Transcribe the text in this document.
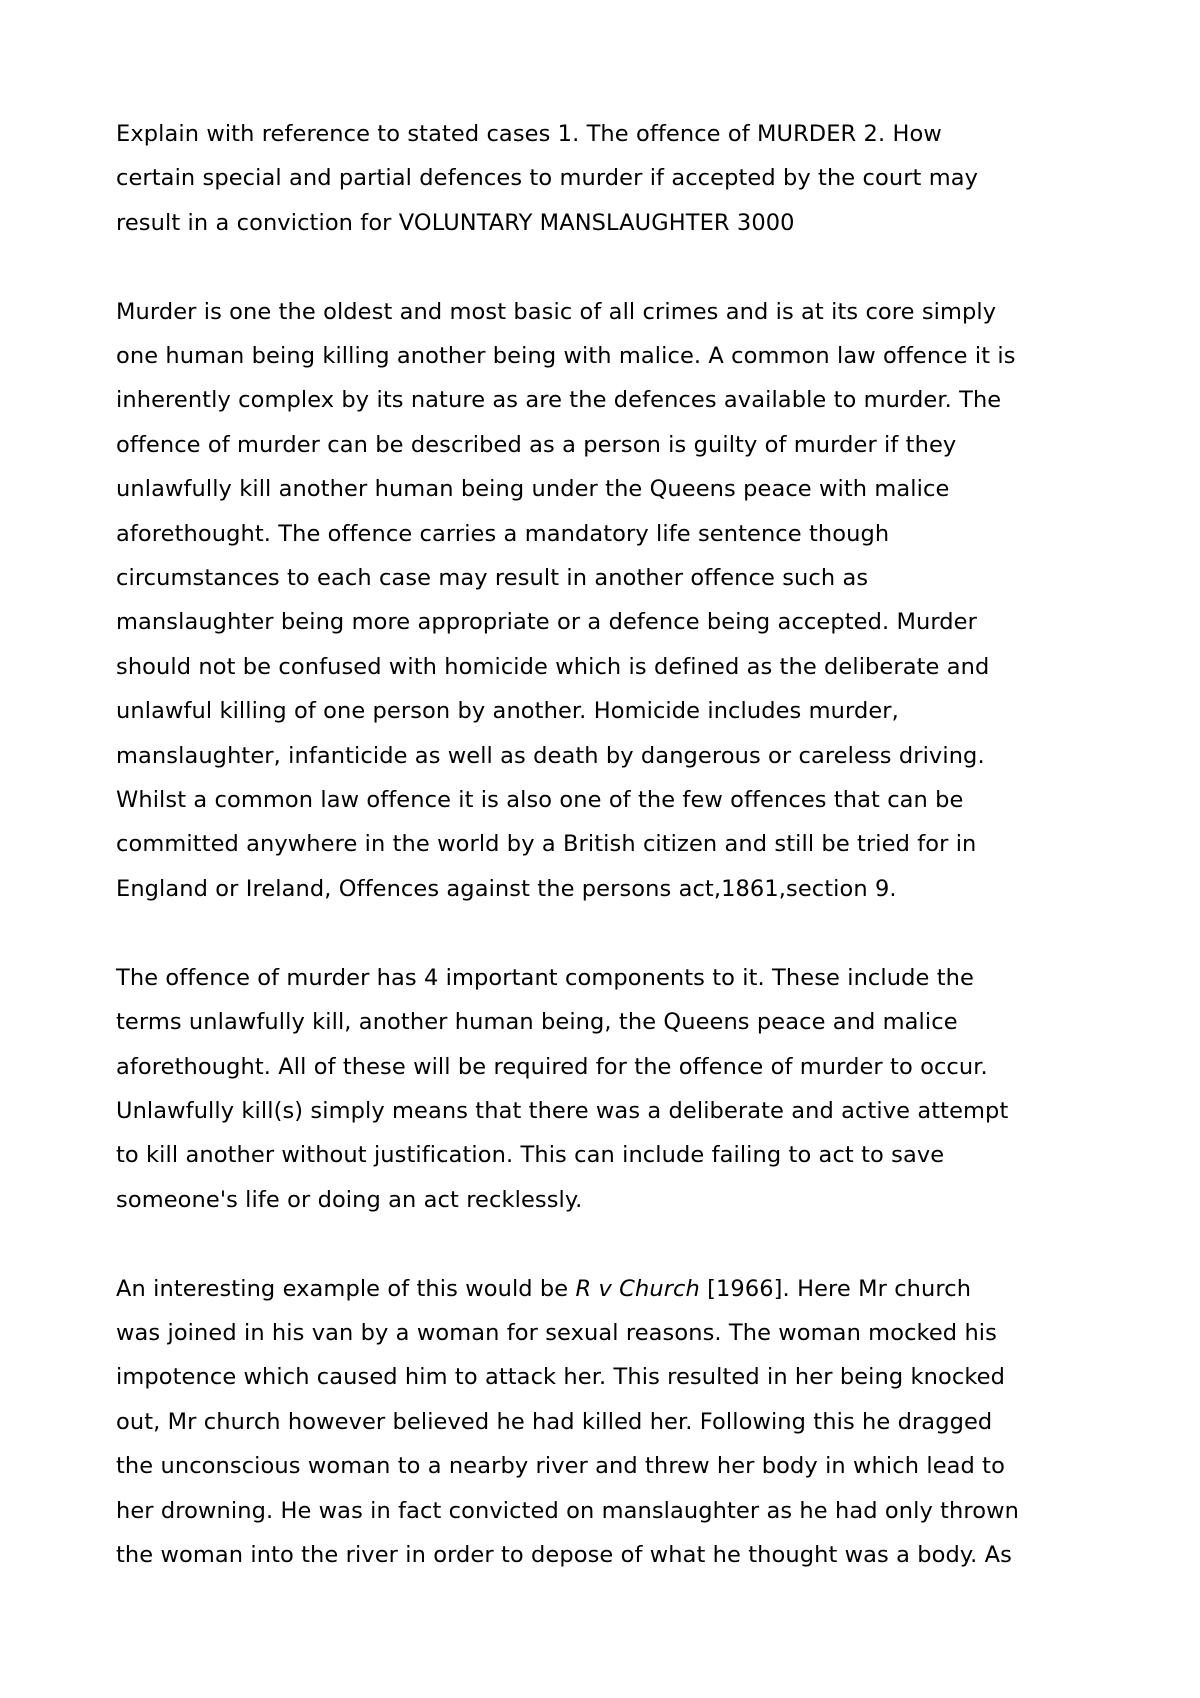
Explain with reference to stated cases 1. The offence of MURDER 2. How
certain special and partial defences to murder if accepted by the court may
result in a conviction for VOLUNTARY MANSLAUGHTER 3000

Murder is one the oldest and most basic of all crimes and is at its core simply
one human being killing another being with malice. A common law offence it is
inherently complex by its nature as are the defences available to murder. The
offence of murder can be described as a person is guilty of murder if they
unlawfully kill another human being under the Queens peace with malice
aforethought. The offence carries a mandatory life sentence though
circumstances to each case may result in another offence such as
manslaughter being more appropriate or a defence being accepted. Murder
should not be confused with homicide which is defined as the deliberate and
unlawful killing of one person by another. Homicide includes murder,
manslaughter, infanticide as well as death by dangerous or careless driving.
Whilst a common law offence it is also one of the few offences that can be
committed anywhere in the world by a British citizen and still be tried for in
England or Ireland, Offences against the persons act,1861,section 9.

The offence of murder has 4 important components to it. These include the
terms unlawfully kill, another human being, the Queens peace and malice
aforethought. All of these will be required for the offence of murder to occur.
Unlawfully kill(s) simply means that there was a deliberate and active attempt
to kill another without justification. This can include failing to act to save
someone's life or doing an act recklessly.

An interesting example of this would be R v Church [1966]. Here Mr church
was joined in his van by a woman for sexual reasons. The woman mocked his
impotence which caused him to attack her. This resulted in her being knocked
out, Mr church however believed he had killed her. Following this he dragged
the unconscious woman to a nearby river and threw her body in which lead to
her drowning. He was in fact convicted on manslaughter as he had only thrown
the woman into the river in order to depose of what he thought was a body. As
